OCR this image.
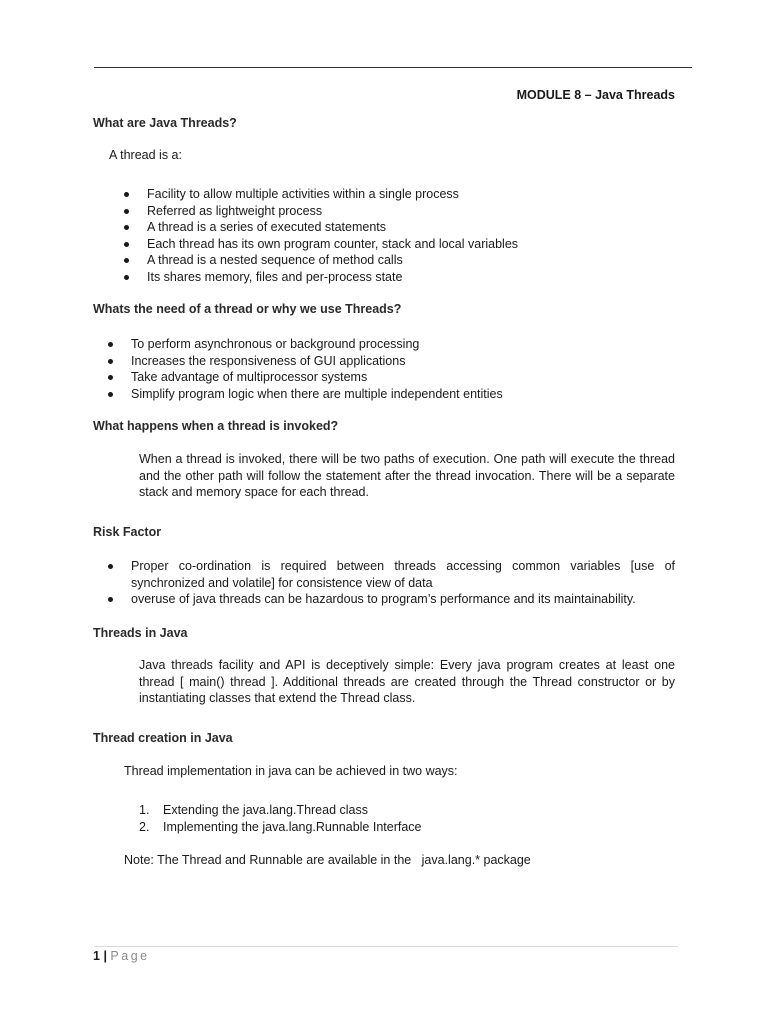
MODULE 8 – Java Threads
What are Java Threads?
A thread is a:
Facility to allow multiple activities within a single process
Referred as lightweight process
A thread is a series of executed statements
Each thread has its own program counter, stack and local variables
A thread is a nested sequence of method calls
Its shares memory, files and per-process state
Whats the need of a thread or why we use Threads?
To perform asynchronous or background processing
Increases the responsiveness of GUI applications
Take advantage of multiprocessor systems
Simplify program logic when there are multiple independent entities
What happens when a thread is invoked?
When a thread is invoked, there will be two paths of execution. One path will execute the thread and the other path will follow the statement after the thread invocation. There will be a separate stack and memory space for each thread.
Risk Factor
Proper co-ordination is required between threads accessing common variables [use of synchronized and volatile] for consistence view of data
overuse of java threads can be hazardous to program’s performance and its maintainability.
Threads in Java
Java threads facility and API is deceptively simple: Every java program creates at least one thread [ main() thread ]. Additional threads are created through the Thread constructor or by instantiating classes that extend the Thread class.
Thread creation in Java
Thread implementation in java can be achieved in two ways:
1. Extending the java.lang.Thread class
2. Implementing the java.lang.Runnable Interface
Note: The Thread and Runnable are available in the   java.lang.* package
1 | Page
